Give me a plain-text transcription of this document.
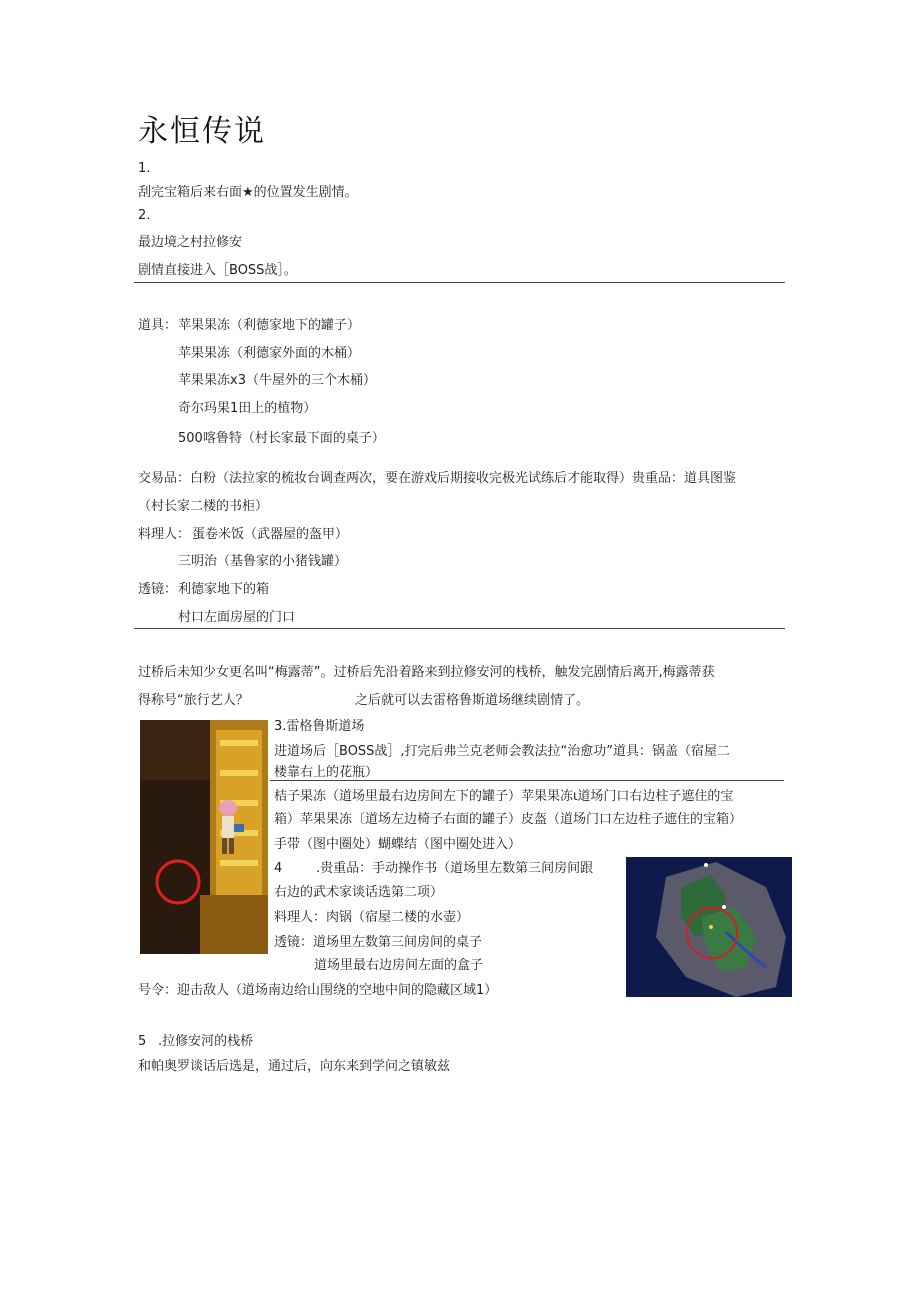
永恒传说
1.
刮完宝箱后来右面★的位置发生剧情。
2.
最边境之村拉修安
剧情直接进入［BOSS战］。
道具： 苹果果冻（利德家地下的罐子）
苹果果冻（利德家外面的木桶）
苹果果冻x3（牛屋外的三个木桶）
奇尔玛果1田上的植物）
500喀鲁特（村长家最下面的桌子）
交易品：白粉（法拉家的梳妆台调查两次，要在游戏后期接收完极光试练后才能取得）贵重品：道具图鉴
（村长家二楼的书柜）
料理人： 蛋卷米饭（武器屋的盔甲）
三明治（基鲁家的小猪钱罐）
透镜： 利德家地下的箱
村口左面房屋的门口
过桥后未知少女更名叫“梅露蒂”。过桥后先沿着路来到拉修安河的栈桥，触发完剧情后离开,梅露蒂获
得称号“旅行艺人？	之后就可以去雷格鲁斯道场继续剧情了。
3.雷格鲁斯道场
进道场后［BOSS战］,打完后弗兰克老师会教法拉“治愈功”道具：锅盖（宿屋二
楼靠右上的花瓶）
桔子果冻（道场里最右边房间左下的罐子）苹果果冻ι道场门口右边柱子遮住的宝
箱）苹果果冻〔道场左边椅子右面的罐子）皮盔（道场门口左边柱子遮住的宝箱）
手带（图中圈处）蝴蝶结（图中圈处进入）
4	.贵重品：手动操作书（道场里左数第三间房间跟
右边的武术家谈话选第二项）
料理人：肉锅（宿屋二楼的水壶）
透镜：道场里左数第三间房间的桌子
道场里最右边房间左面的盒子
号令：迎击敌人（道场南边给山围绕的空地中间的隐藏区域1）
5 .拉修安河的栈桥
和帕奥罗谈话后选是，通过后，向东来到学问之镇敏兹
